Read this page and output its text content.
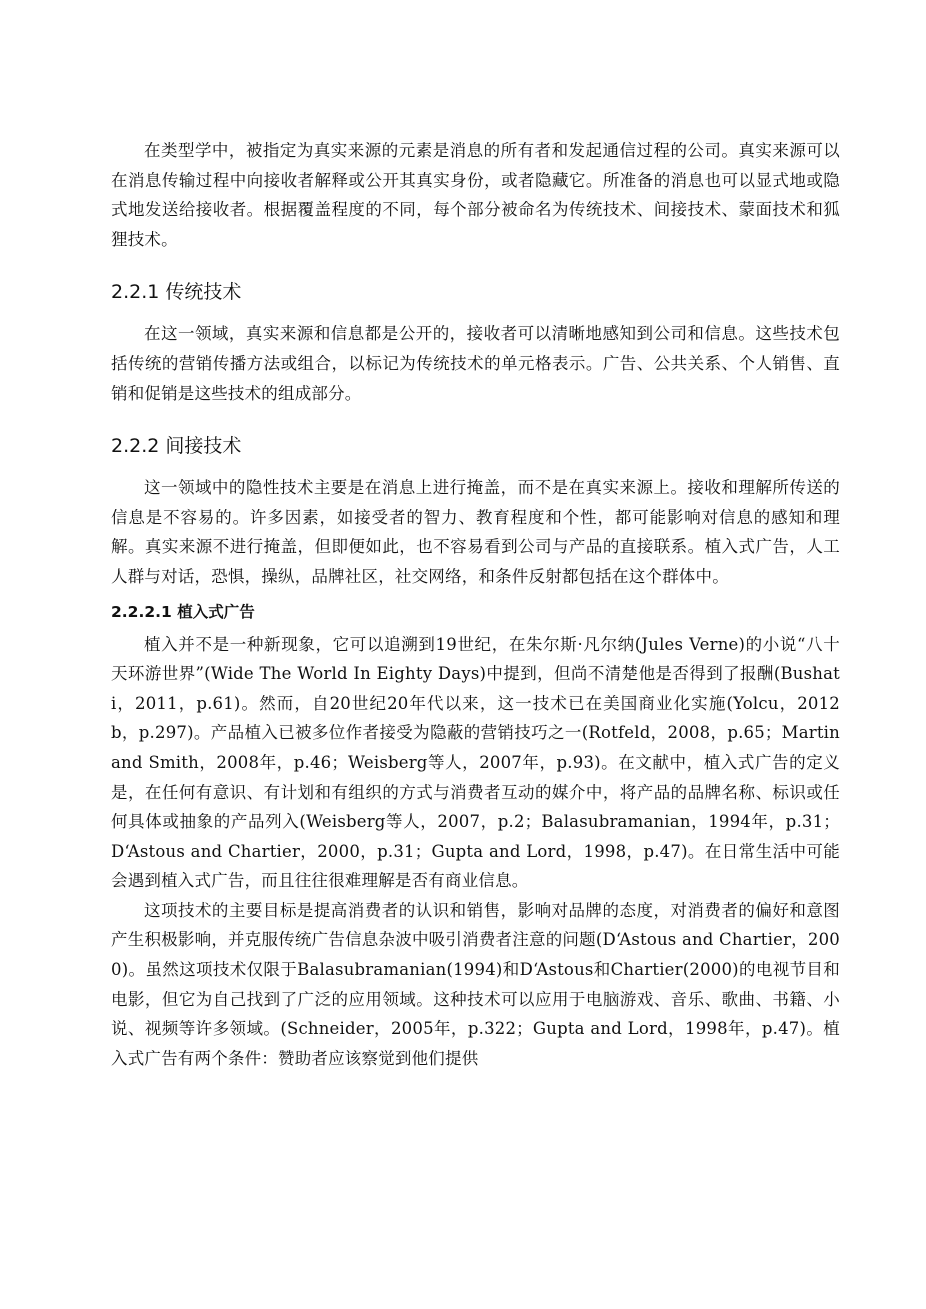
在类型学中，被指定为真实来源的元素是消息的所有者和发起通信过程的公司。真实来源可以在消息传输过程中向接收者解释或公开其真实身份，或者隐藏它。所准备的消息也可以显式地或隐式地发送给接收者。根据覆盖程度的不同，每个部分被命名为传统技术、间接技术、蒙面技术和狐狸技术。

2.2.1 传统技术

在这一领域，真实来源和信息都是公开的，接收者可以清晰地感知到公司和信息。这些技术包括传统的营销传播方法或组合，以标记为传统技术的单元格表示。广告、公共关系、个人销售、直销和促销是这些技术的组成部分。

2.2.2 间接技术

这一领域中的隐性技术主要是在消息上进行掩盖，而不是在真实来源上。接收和理解所传送的信息是不容易的。许多因素，如接受者的智力、教育程度和个性，都可能影响对信息的感知和理解。真实来源不进行掩盖，但即便如此，也不容易看到公司与产品的直接联系。植入式广告，人工人群与对话，恐惧，操纵，品牌社区，社交网络，和条件反射都包括在这个群体中。

2.2.2.1 植入式广告

植入并不是一种新现象，它可以追溯到19世纪，在朱尔斯·凡尔纳(Jules Verne)的小说“八十天环游世界”(Wide The World In Eighty Days)中提到，但尚不清楚他是否得到了报酬(Bushati，2011，p.61)。然而，自20世纪20年代以来，这一技术已在美国商业化实施(Yolcu，2012 b，p.297)。产品植入已被多位作者接受为隐蔽的营销技巧之一(Rotfeld，2008，p.65；Martin and Smith，2008年，p.46；Weisberg等人，2007年，p.93)。在文献中，植入式广告的定义是，在任何有意识、有计划和有组织的方式与消费者互动的媒介中，将产品的品牌名称、标识或任何具体或抽象的产品列入(Weisberg等人，2007，p.2；Balasubramanian，1994年，p.31；D‘Astous and Chartier，2000，p.31；Gupta and Lord，1998，p.47)。在日常生活中可能会遇到植入式广告，而且往往很难理解是否有商业信息。

这项技术的主要目标是提高消费者的认识和销售，影响对品牌的态度，对消费者的偏好和意图产生积极影响，并克服传统广告信息杂波中吸引消费者注意的问题(D‘Astous and Chartier，2000)。虽然这项技术仅限于Balasubramanian(1994)和D‘Astous和Chartier(2000)的电视节目和电影，但它为自己找到了广泛的应用领域。这种技术可以应用于电脑游戏、音乐、歌曲、书籍、小说、视频等许多领域。(Schneider，2005年，p.322；Gupta and Lord，1998年，p.47)。植入式广告有两个条件：赞助者应该察觉到他们提供
